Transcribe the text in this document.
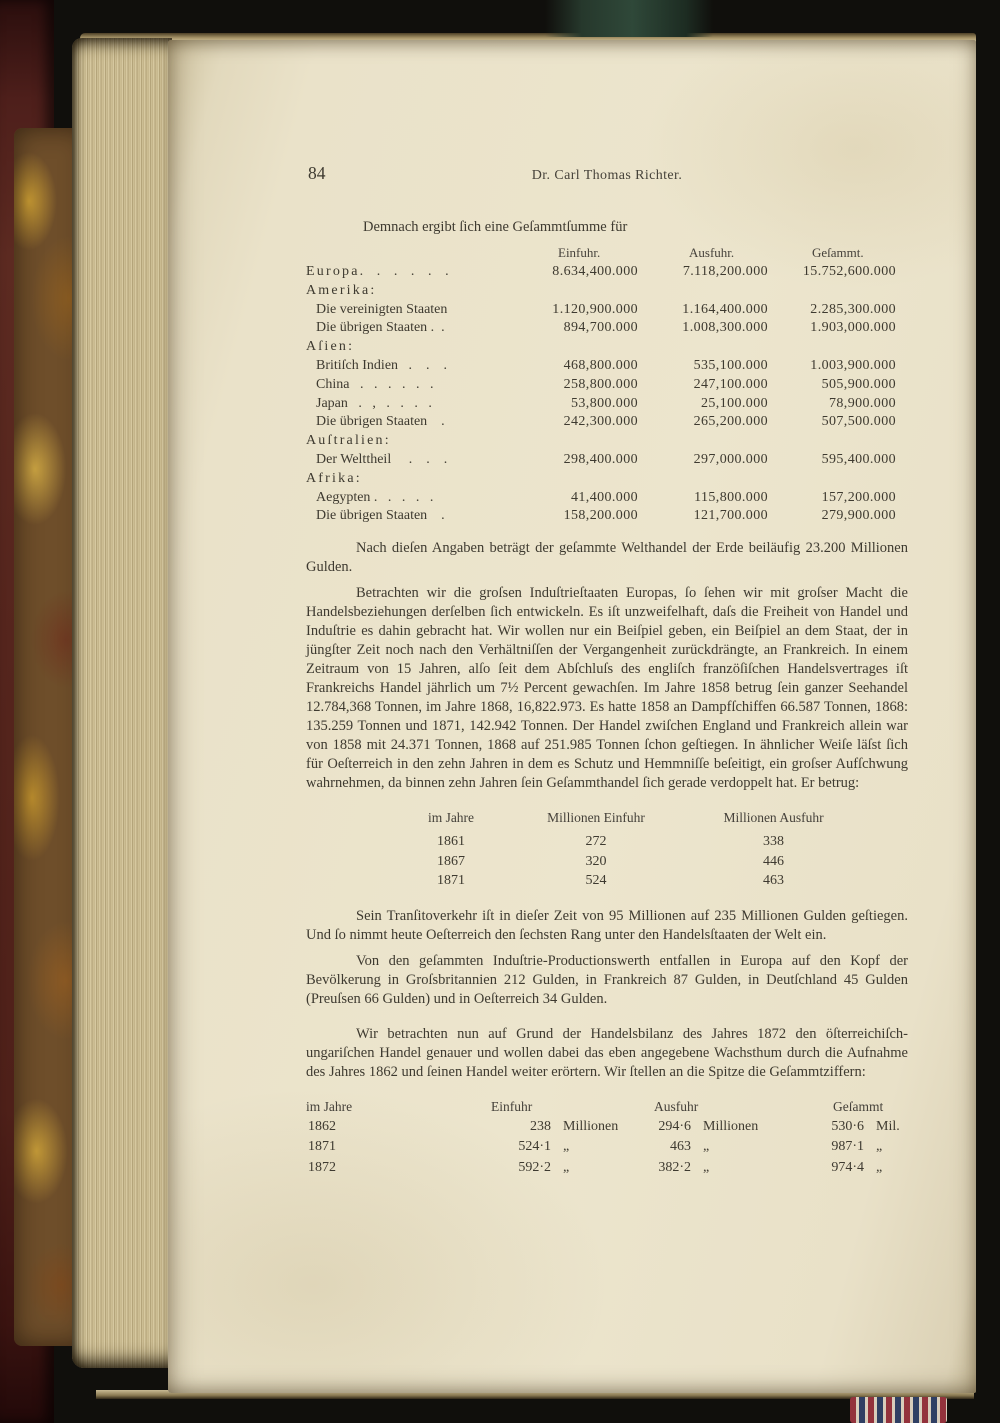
84	Dr. Carl Thomas Richter.
Demnach ergibt ſich eine Geſammtſumme für
Einfuhr.	Ausfuhr.	Geſammt.
Europa.  .  .  .  .  .	8.634,400.000	7.118,200.000	15.752,600.000
Amerika:
Die vereinigten Staaten	1.120,900.000	1.164,400.000	2.285,300.000
Die übrigen Staaten .  .	894,700.000	1.008,300.000	1.903,000.000
Aſien:
Britiſch Indien   .    .    .	468,800.000	535,100.000	1.003,900.000
China   .   .   .   .   .   .	258,800.000	247,100.000	505,900.000
Japan   .   ,   .   .   .   .	53,800.000	25,100.000	78,900.000
Die übrigen Staaten    .	242,300.000	265,200.000	507,500.000
Auſtralien:
Der Welttheil     .    .    .	298,400.000	297,000.000	595,400.000
Afrika:
Aegypten .   .   .   .   .	41,400.000	115,800.000	157,200.000
Die übrigen Staaten    .	158,200.000	121,700.000	279,900.000

Nach dieſen Angaben beträgt der geſammte Welthandel der Erde beiläufig 23.200 Millionen Gulden.

Betrachten wir die groſsen Induſtrieſtaaten Europas, ſo ſehen wir mit groſser Macht die Handelsbeziehungen derſelben ſich entwickeln. Es iſt unzweifelhaft, daſs die Freiheit von Handel und Induſtrie es dahin gebracht hat. Wir wollen nur ein Beiſpiel geben, ein Beiſpiel an dem Staat, der in jüngſter Zeit noch nach den Verhältniſſen der Vergangenheit zurückdrängte, an Frankreich. In einem Zeitraum von 15 Jahren, alſo ſeit dem Abſchluſs des engliſch franzöſiſchen Handelsvertrages iſt Frankreichs Handel jährlich um 7½ Percent gewachſen. Im Jahre 1858 betrug ſein ganzer Seehandel 12.784,368 Tonnen, im Jahre 1868, 16,822.973. Es hatte 1858 an Dampfſchiffen 66.587 Tonnen, 1868: 135.259 Tonnen und 1871, 142.942 Tonnen. Der Handel zwiſchen England und Frankreich allein war von 1858 mit 24.371 Tonnen, 1868 auf 251.985 Tonnen ſchon geſtiegen. In ähnlicher Weiſe läſst ſich für Oeſterreich in den zehn Jahren in dem es Schutz und Hemmniſſe beſeitigt, ein groſser Aufſchwung wahrnehmen, da binnen zehn Jahren ſein Geſammthandel ſich gerade verdoppelt hat. Er betrug:

im Jahre	Millionen Einfuhr	Millionen Ausfuhr
1861	272	338
1867	320	446
1871	524	463

Sein Tranſitoverkehr iſt in dieſer Zeit von 95 Millionen auf 235 Millionen Gulden geſtiegen. Und ſo nimmt heute Oeſterreich den ſechsten Rang unter den Handelsſtaaten der Welt ein.

Von den geſammten Induſtrie-Productionswerth entfallen in Europa auf den Kopf der Bevölkerung in Groſsbritannien 212 Gulden, in Frankreich 87 Gulden, in Deutſchland 45 Gulden (Preuſsen 66 Gulden) und in Oeſterreich 34 Gulden.

Wir betrachten nun auf Grund der Handelsbilanz des Jahres 1872 den öſterreichiſch-ungariſchen Handel genauer und wollen dabei das eben angegebene Wachsthum durch die Aufnahme des Jahres 1862 und ſeinen Handel weiter erörtern. Wir ſtellen an die Spitze die Geſammtziffern:

im Jahre	Einfuhr	Ausfuhr	Geſammt
1862	238 Millionen	294·6 Millionen	530·6 Mil.
1871	524·1 „	463 „	987·1 „
1872	592·2 „	382·2 „	974·4 „
